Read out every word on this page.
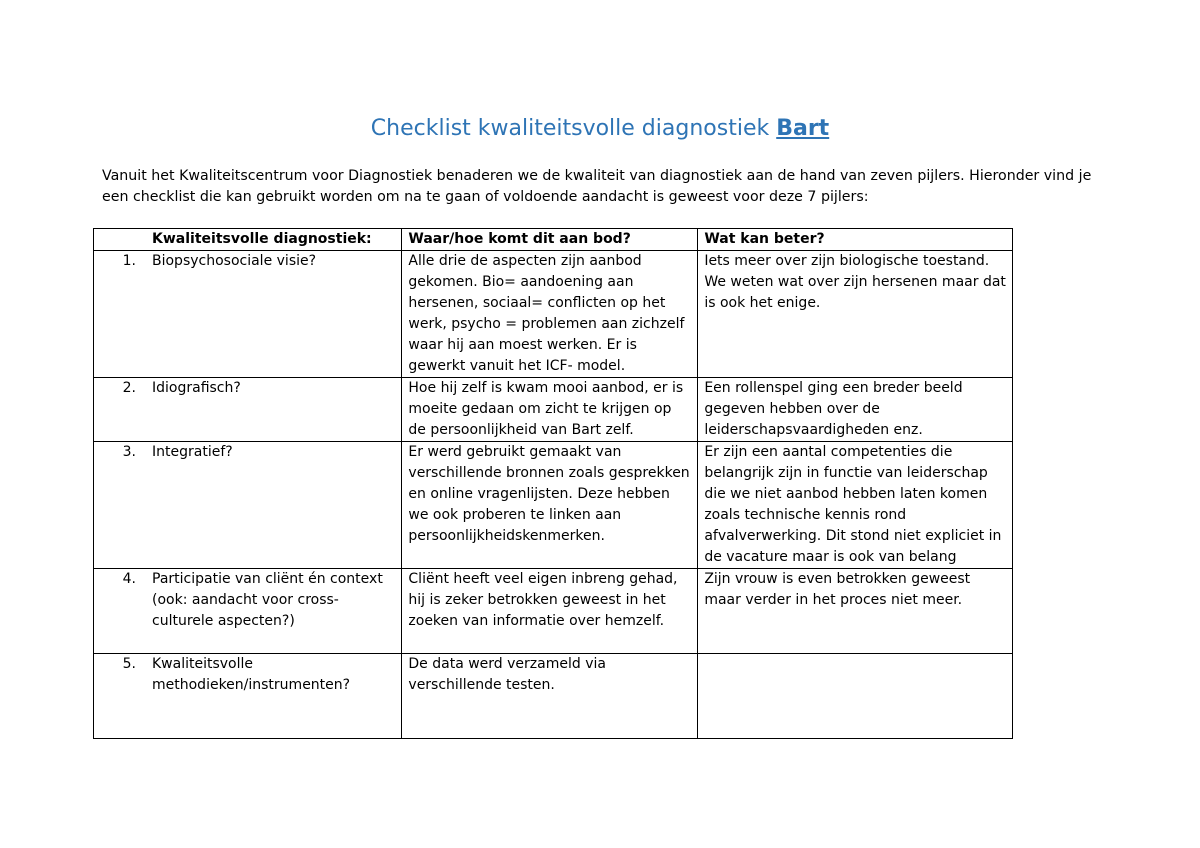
Checklist kwaliteitsvolle diagnostiek Bart
Vanuit het Kwaliteitscentrum voor Diagnostiek benaderen we de kwaliteit van diagnostiek aan de hand van zeven pijlers. Hieronder vind je een checklist die kan gebruikt worden om na te gaan of voldoende aandacht is geweest voor deze 7 pijlers:
Kwaliteitsvolle diagnostiek:	Waar/hoe komt dit aan bod?	Wat kan beter?
1. Biopsychosociale visie?	Alle drie de aspecten zijn aanbod gekomen. Bio= aandoening aan hersenen, sociaal= conflicten op het werk, psycho = problemen aan zichzelf waar hij aan moest werken. Er is gewerkt vanuit het ICF- model.	Iets meer over zijn biologische toestand. We weten wat over zijn hersenen maar dat is ook het enige.
2. Idiografisch?	Hoe hij zelf is kwam mooi aanbod, er is moeite gedaan om zicht te krijgen op de persoonlijkheid van Bart zelf.	Een rollenspel ging een breder beeld gegeven hebben over de leiderschapsvaardigheden enz.
3. Integratief?	Er werd gebruikt gemaakt van verschillende bronnen zoals gesprekken en online vragenlijsten. Deze hebben we ook proberen te linken aan persoonlijkheidskenmerken.	Er zijn een aantal competenties die belangrijk zijn in functie van leiderschap die we niet aanbod hebben laten komen zoals technische kennis rond afvalverwerking. Dit stond niet expliciet in de vacature maar is ook van belang
4. Participatie van cliënt én context (ook: aandacht voor cross-culturele aspecten?)	Cliënt heeft veel eigen inbreng gehad, hij is zeker betrokken geweest in het zoeken van informatie over hemzelf.	Zijn vrouw is even betrokken geweest maar verder in het proces niet meer.
5. Kwaliteitsvolle methodieken/instrumenten?	De data werd verzameld via verschillende testen.	
